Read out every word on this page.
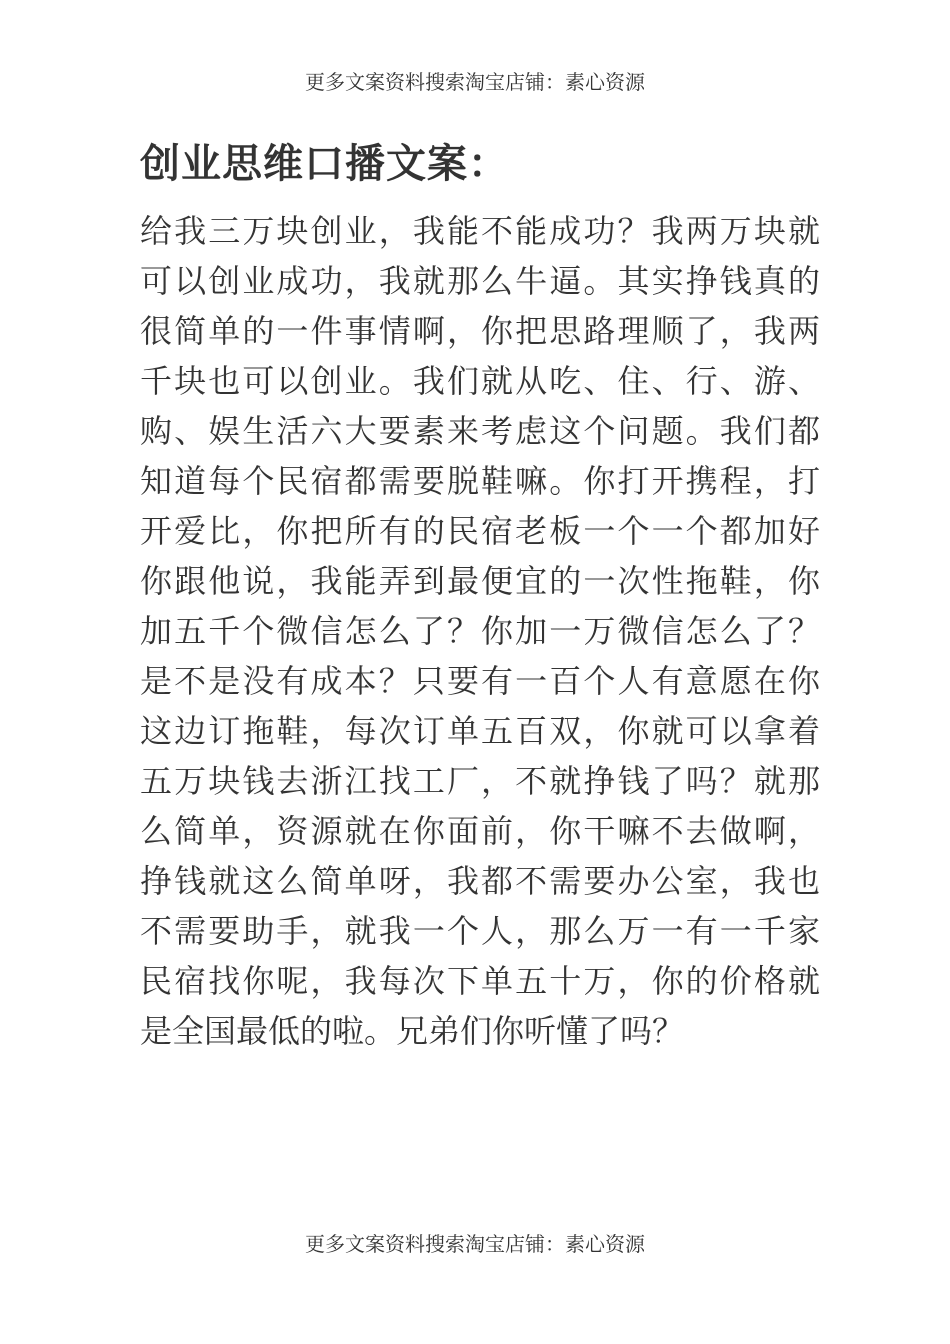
更多文案资料搜索淘宝店铺：素心资源
创业思维口播文案：
给我三万块创业，我能不能成功？我两万块就
可以创业成功，我就那么牛逼。其实挣钱真的
很简单的一件事情啊，你把思路理顺了，我两
千块也可以创业。我们就从吃、住、行、游、
购、娱生活六大要素来考虑这个问题。我们都
知道每个民宿都需要脱鞋嘛。你打开携程，打
开爱比，你把所有的民宿老板一个一个都加好
你跟他说，我能弄到最便宜的一次性拖鞋，你
加五千个微信怎么了？你加一万微信怎么了？
是不是没有成本？只要有一百个人有意愿在你
这边订拖鞋，每次订单五百双，你就可以拿着
五万块钱去浙江找工厂，不就挣钱了吗？就那
么简单，资源就在你面前，你干嘛不去做啊，
挣钱就这么简单呀，我都不需要办公室，我也
不需要助手，就我一个人，那么万一有一千家
民宿找你呢，我每次下单五十万，你的价格就
是全国最低的啦。兄弟们你听懂了吗？
更多文案资料搜索淘宝店铺：素心资源
